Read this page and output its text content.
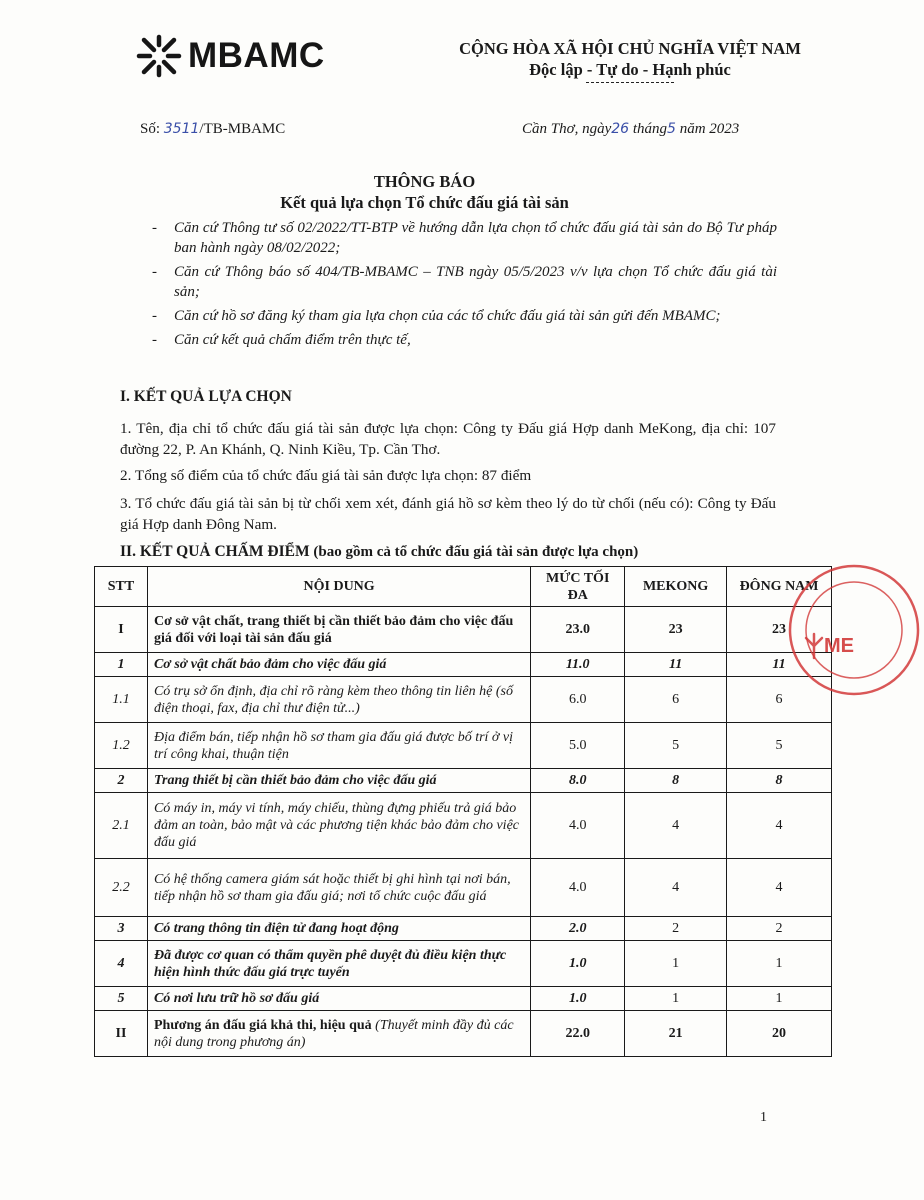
MBAMC	CỘNG HÒA XÃ HỘI CHỦ NGHĨA VIỆT NAM
Độc lập - Tự do - Hạnh phúc
Số: 3511/TB-MBAMC	Cần Thơ, ngày26 tháng5 năm 2023
THÔNG BÁO
Kết quả lựa chọn Tổ chức đấu giá tài sản
- Căn cứ Thông tư số 02/2022/TT-BTP về hướng dẫn lựa chọn tổ chức đấu giá tài sản do Bộ Tư pháp ban hành ngày 08/02/2022;
- Căn cứ Thông báo số 404/TB-MBAMC – TNB ngày 05/5/2023 v/v lựa chọn Tổ chức đấu giá tài sản;
- Căn cứ hồ sơ đăng ký tham gia lựa chọn của các tổ chức đấu giá tài sản gửi đến MBAMC;
- Căn cứ kết quả chấm điểm trên thực tế,
I. KẾT QUẢ LỰA CHỌN
1. Tên, địa chỉ tổ chức đấu giá tài sản được lựa chọn: Công ty Đấu giá Hợp danh MeKong, địa chỉ: 107 đường 22, P. An Khánh, Q. Ninh Kiều, Tp. Cần Thơ.
2. Tổng số điểm của tổ chức đấu giá tài sản được lựa chọn: 87 điểm
3. Tổ chức đấu giá tài sản bị từ chối xem xét, đánh giá hồ sơ kèm theo lý do từ chối (nếu có): Công ty Đấu giá Hợp danh Đông Nam.
II. KẾT QUẢ CHẤM ĐIỂM (bao gồm cả tổ chức đấu giá tài sản được lựa chọn)
STT	NỘI DUNG	MỨC TỐI ĐA	MEKONG	ĐÔNG NAM
I	Cơ sở vật chất, trang thiết bị cần thiết bảo đảm cho việc đấu giá đối với loại tài sản đấu giá	23.0	23	23
1	Cơ sở vật chất bảo đảm cho việc đấu giá	11.0	11	11
1.1	Có trụ sở ổn định, địa chỉ rõ ràng kèm theo thông tin liên hệ (số điện thoại, fax, địa chỉ thư điện tử...)	6.0	6	6
1.2	Địa điểm bán, tiếp nhận hồ sơ tham gia đấu giá được bố trí ở vị trí công khai, thuận tiện	5.0	5	5
2	Trang thiết bị cần thiết bảo đảm cho việc đấu giá	8.0	8	8
2.1	Có máy in, máy vi tính, máy chiếu, thùng đựng phiếu trả giá bảo đảm an toàn, bảo mật và các phương tiện khác bảo đảm cho việc đấu giá	4.0	4	4
2.2	Có hệ thống camera giám sát hoặc thiết bị ghi hình tại nơi bán, tiếp nhận hồ sơ tham gia đấu giá; nơi tổ chức cuộc đấu giá	4.0	4	4
3	Có trang thông tin điện tử đang hoạt động	2.0	2	2
4	Đã được cơ quan có thẩm quyền phê duyệt đủ điều kiện thực hiện hình thức đấu giá trực tuyến	1.0	1	1
5	Có nơi lưu trữ hồ sơ đấu giá	1.0	1	1
II	Phương án đấu giá khả thi, hiệu quả (Thuyết minh đầy đủ các nội dung trong phương án)	22.0	21	20
ME
1
